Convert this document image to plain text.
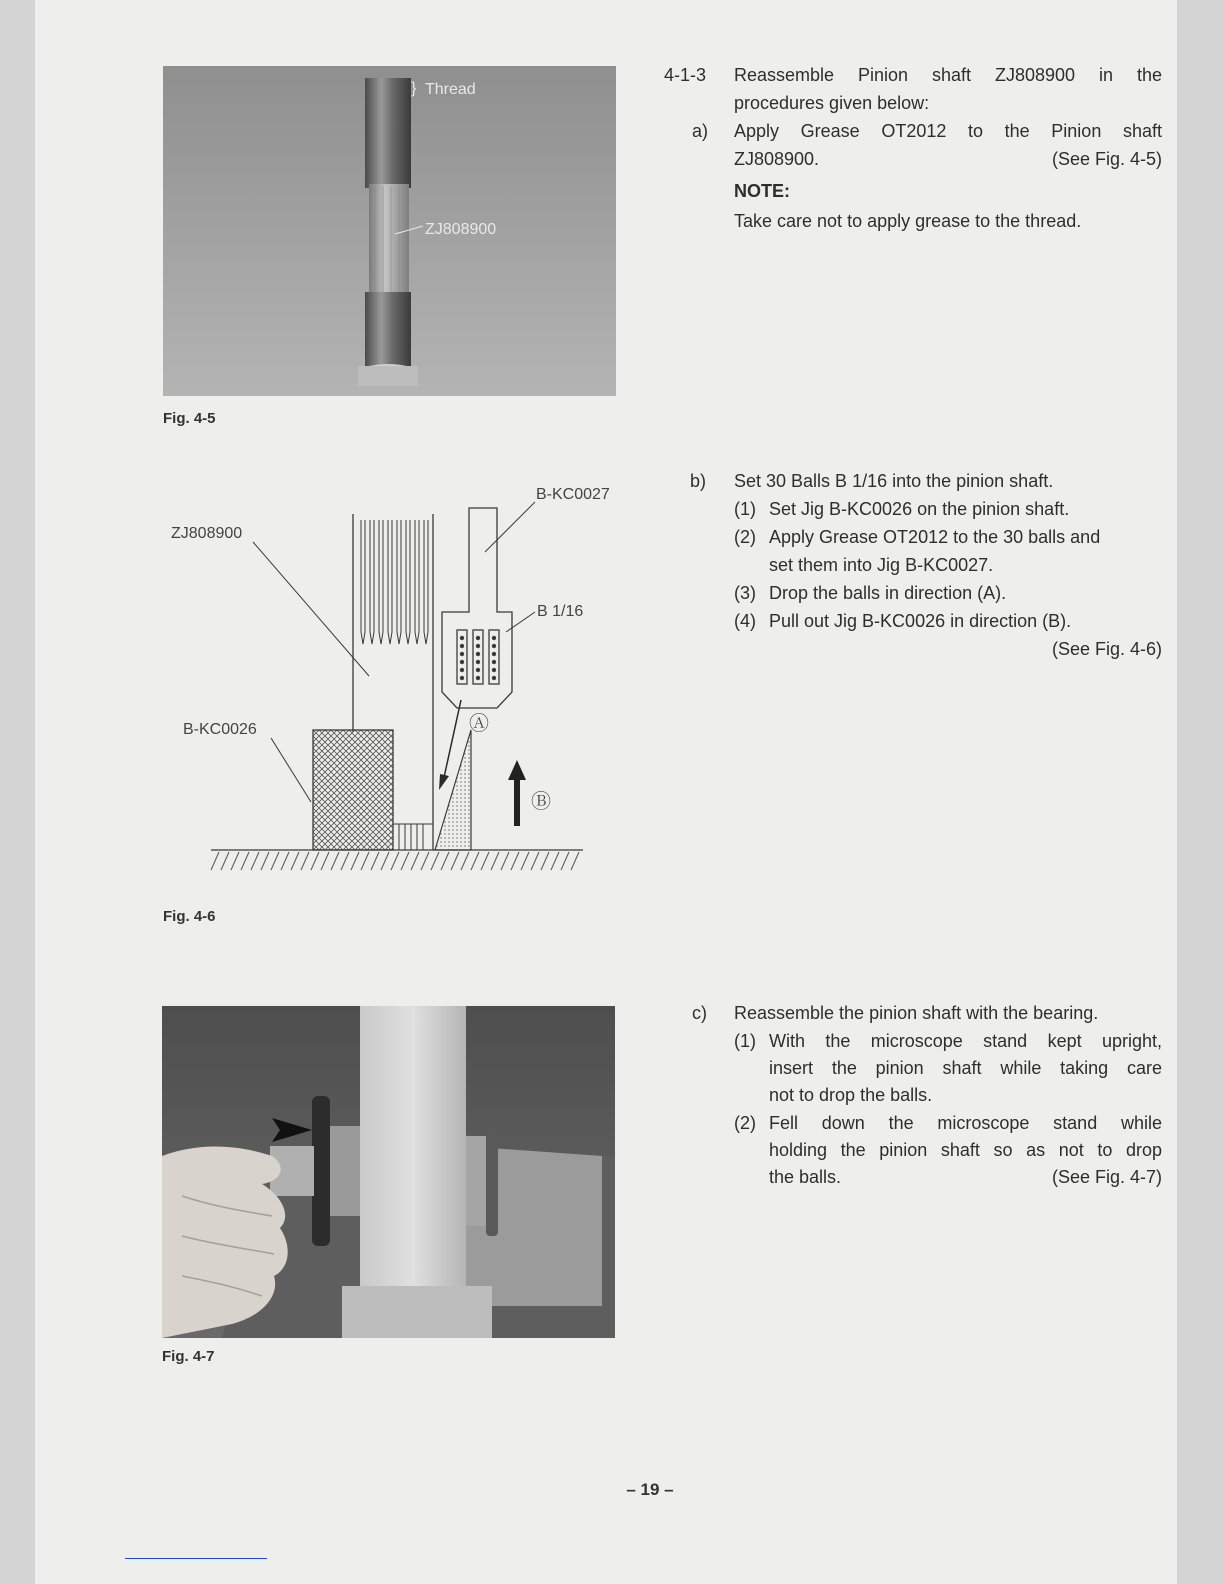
} Thread
ZJ808900
Fig. 4-5
ZJ808900
B-KC0027
B 1/16
B-KC0026	Ⓐ
Ⓑ
Fig. 4-6
Fig. 4-7
4-1-3 Reassemble Pinion shaft ZJ808900 in the
procedures given below:
a) Apply Grease OT2012 to the Pinion shaft
ZJ808900.	(See Fig. 4-5)
NOTE:
Take care not to apply grease to the thread.
b) Set 30 Balls B 1/16 into the pinion shaft.
(1) Set Jig B-KC0026 on the pinion shaft.
(2) Apply Grease OT2012 to the 30 balls and
set them into Jig B-KC0027.
(3) Drop the balls in direction (A).
(4) Pull out Jig B-KC0026 in direction (B).
(See Fig. 4-6)
c) Reassemble the pinion shaft with the bearing.
(1) With the microscope stand kept upright,
insert the pinion shaft while taking care
not to drop the balls.
(2) Fell down the microscope stand while
holding the pinion shaft so as not to drop
the balls.	(See Fig. 4-7)
– 19 –
